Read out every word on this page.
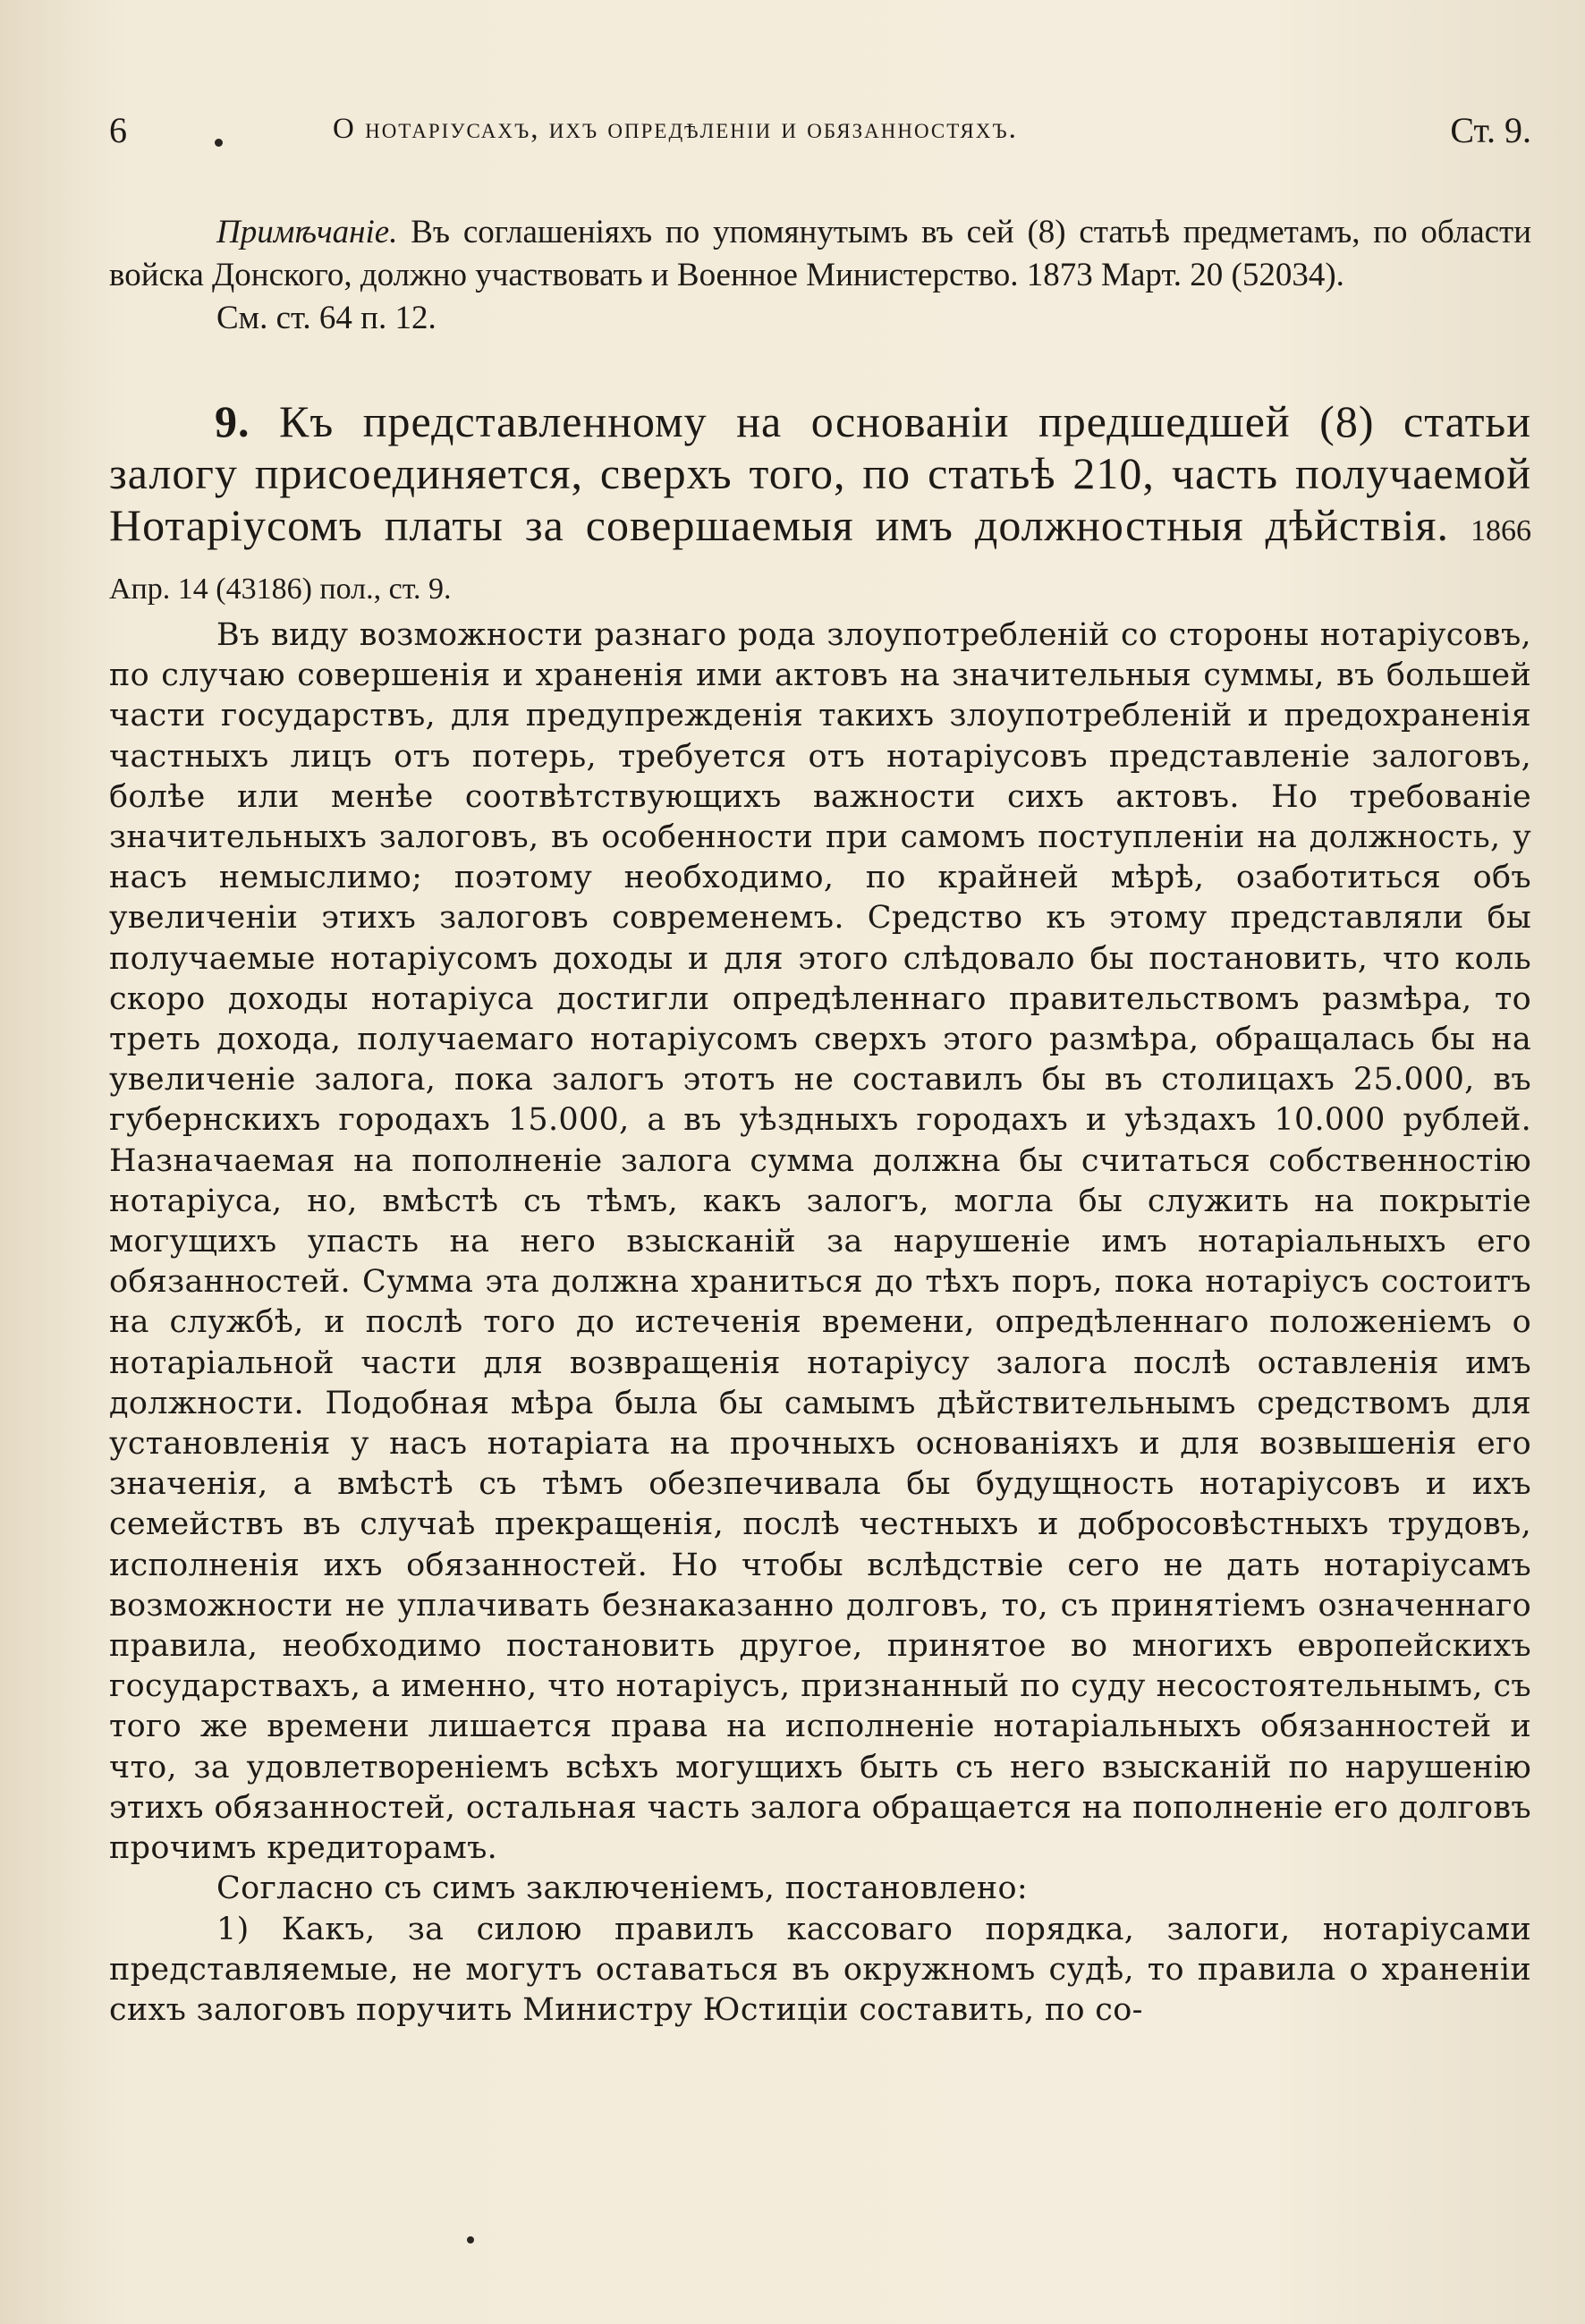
6	О нотаріусахъ, ихъ опредѣленіи и обязанностяхъ.	Ст. 9.

Примѣчаніе. Въ соглашеніяхъ по упомянутымъ въ сей (8) статьѣ предметамъ, по области войска Донского, должно участвовать и Военное Министерство. 1873 Март. 20 (52034).

См. ст. 64 п. 12.

9. Къ представленному на основаніи предшедшей (8) статьи залогу присоединяется, сверхъ того, по статьѣ 210, часть получаемой Нотаріусомъ платы за совершаемыя имъ должностныя дѣйствія. 1866 Апр. 14 (43186) пол., ст. 9.

Въ виду возможности разнаго рода злоупотребленій со стороны нотаріусовъ, по случаю совершенія и храненія ими актовъ на значительныя суммы, въ большей части государствъ, для предупрежденія такихъ злоупотребленій и предохраненія частныхъ лицъ отъ потерь, требуется отъ нотаріусовъ представленіе залоговъ, болѣе или менѣе соотвѣтствующихъ важности сихъ актовъ. Но требованіе значительныхъ залоговъ, въ особенности при самомъ поступленіи на должность, у насъ немыслимо; поэтому необходимо, по крайней мѣрѣ, озаботиться объ увеличеніи этихъ залоговъ современемъ. Средство къ этому представляли бы получаемые нотаріусомъ доходы и для этого слѣдовало бы постановить, что коль скоро доходы нотаріуса достигли опредѣленнаго правительствомъ размѣра, то треть дохода, получаемаго нотаріусомъ сверхъ этого размѣра, обращалась бы на увеличеніе залога, пока залогъ этотъ не составилъ бы въ столицахъ 25.000, въ губернскихъ городахъ 15.000, а въ уѣздныхъ городахъ и уѣздахъ 10.000 рублей. Назначаемая на пополненіе залога сумма должна бы считаться собственностію нотаріуса, но, вмѣстѣ съ тѣмъ, какъ залогъ, могла бы служить на покрытіе могущихъ упасть на него взысканій за нарушеніе имъ нотаріальныхъ его обязанностей. Сумма эта должна храниться до тѣхъ поръ, пока нотаріусъ состоитъ на службѣ, и послѣ того до истеченія времени, опредѣленнаго положеніемъ о нотаріальной части для возвращенія нотаріусу залога послѣ оставленія имъ должности. Подобная мѣра была бы самымъ дѣйствительнымъ средствомъ для установленія у насъ нотаріата на прочныхъ основаніяхъ и для возвышенія его значенія, а вмѣстѣ съ тѣмъ обезпечивала бы будущность нотаріусовъ и ихъ семействъ въ случаѣ прекращенія, послѣ честныхъ и добросовѣстныхъ трудовъ, исполненія ихъ обязанностей. Но чтобы вслѣдствіе сего не дать нотаріусамъ возможности не уплачивать безнаказанно долговъ, то, съ принятіемъ означеннаго правила, необходимо постановить другое, принятое во многихъ европейскихъ государствахъ, а именно, что нотаріусъ, признанный по суду несостоятельнымъ, съ того же времени лишается права на исполненіе нотаріальныхъ обязанностей и что, за удовлетвореніемъ всѣхъ могущихъ быть съ него взысканій по нарушенію этихъ обязанностей, остальная часть залога обращается на пополненіе его долговъ прочимъ кредиторамъ.

Согласно съ симъ заключеніемъ, постановлено:

1) Какъ, за силою правилъ кассоваго порядка, залоги, нотаріусами представляемые, не могутъ оставаться въ окружномъ судѣ, то правила о храненіи сихъ залоговъ поручить Министру Юстиціи составить, по со-
